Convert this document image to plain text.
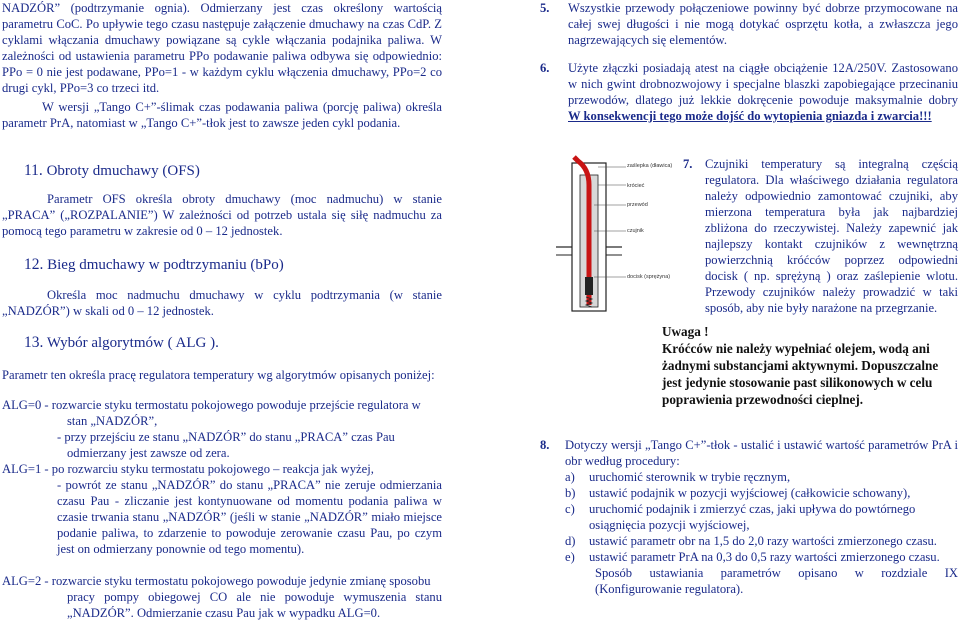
NADZÓR” (podtrzymanie ognia). Odmierzany jest czas określony wartością parametru CoC. Po upływie tego czasu następuje załączenie dmuchawy na czas CdP. Z cyklami włączania dmuchawy powiązane są cykle włączania podajnika paliwa. W zależności od ustawienia parametru PPo podawanie paliwa odbywa się odpowiednio: PPo = 0 nie jest podawane, PPo=1 - w każdym cyklu włączenia dmuchawy, PPo=2 co drugi cykl, PPo=3 co trzeci itd.

W wersji „Tango C+”-ślimak czas podawania paliwa (porcję paliwa) określa parametr PrA, natomiast w „Tango C+”-tłok jest to zawsze jeden cykl podania.

11. Obroty dmuchawy (OFS)

Parametr OFS określa obroty dmuchawy (moc nadmuchu) w stanie „PRACA” („ROZPALANIE”) W zależności od potrzeb ustala się siłę nadmuchu za pomocą tego parametru w zakresie od 0 – 12 jednostek.

12. Bieg dmuchawy w podtrzymaniu (bPo)

Określa moc nadmuchu dmuchawy w cyklu podtrzymania (w stanie „NADZÓR”) w skali od 0 – 12 jednostek.

13. Wybór algorytmów ( ALG ).

Parametr ten określa pracę regulatora temperatury wg algorytmów opisanych poniżej:

ALG=0 - rozwarcie styku termostatu pokojowego powoduje przejście regulatora w
stan „NADZÓR”,
- przy przejściu ze stanu „NADZÓR” do stanu „PRACA” czas Pau
odmierzany jest zawsze od zera.
ALG=1 - po rozwarciu styku termostatu pokojowego – reakcja jak wyżej,
- powrót ze stanu „NADZÓR” do stanu „PRACA” nie zeruje odmierzania czasu Pau - zliczanie jest kontynuowane od momentu podania paliwa w czasie trwania stanu „NADZÓR” (jeśli w stanie „NADZÓR” miało miejsce podanie paliwa, to zdarzenie to powoduje zerowanie czasu Pau, po czym jest on odmierzany ponownie od tego momentu).
ALG=2 - rozwarcie styku termostatu pokojowego powoduje jedynie zmianę sposobu
pracy pompy obiegowej CO ale nie powoduje wymuszenia stanu „NADZÓR”. Odmierzanie czasu Pau jak w wypadku ALG=0.
5. Wszystkie przewody połączeniowe powinny być dobrze przymocowane na całej swej długości i nie mogą dotykać osprzętu kotła, a zwłaszcza jego nagrzewających się elementów.
6. Użyte złączki posiadają atest na ciągłe obciążenie 12A/250V. Zastosowano w nich gwint drobnozwojowy i specjalne blaszki zapobiegające przecinaniu przewodów, dlatego już lekkie dokręcenie powoduje maksymalnie dobry
W konsekwencji tego może dojść do wytopienia gniazda i zwarcia!!!
zaślepka (dławica)
krócieć
przewód
czujnik
docisk (sprężyna)
7. Czujniki temperatury są integralną częścią regulatora. Dla właściwego działania regulatora należy odpowiednio zamontować czujniki, aby mierzona temperatura była jak najbardziej zbliżona do rzeczywistej. Należy zapewnić jak najlepszy kontakt czujników z wewnętrzną powierzchnią króćców poprzez odpowiedni docisk ( np. sprężyną ) oraz zaślepienie wlotu. Przewody czujników należy prowadzić w taki sposób, aby nie były narażone na przegrzanie.
Uwaga !
Króćców nie należy wypełniać olejem, wodą ani żadnymi substancjami aktywnymi. Dopuszczalne jest jedynie stosowanie past silikonowych w celu poprawienia przewodności cieplnej.
8. Dotyczy wersji „Tango C+”-tłok - ustalić i ustawić wartość parametrów PrA i obr według procedury:
a) uruchomić sterownik w trybie ręcznym,
b) ustawić podajnik w pozycji wyjściowej (całkowicie schowany),
c) uruchomić podajnik i zmierzyć czas, jaki upływa do powtórnego osiągnięcia pozycji wyjściowej,
d) ustawić parametr obr na 1,5 do 2,0 razy wartości zmierzonego czasu.
e) ustawić parametr PrA na 0,3 do 0,5 razy wartości zmierzonego czasu.
Sposób ustawiania parametrów opisano w rozdziale IX (Konfigurowanie regulatora).
